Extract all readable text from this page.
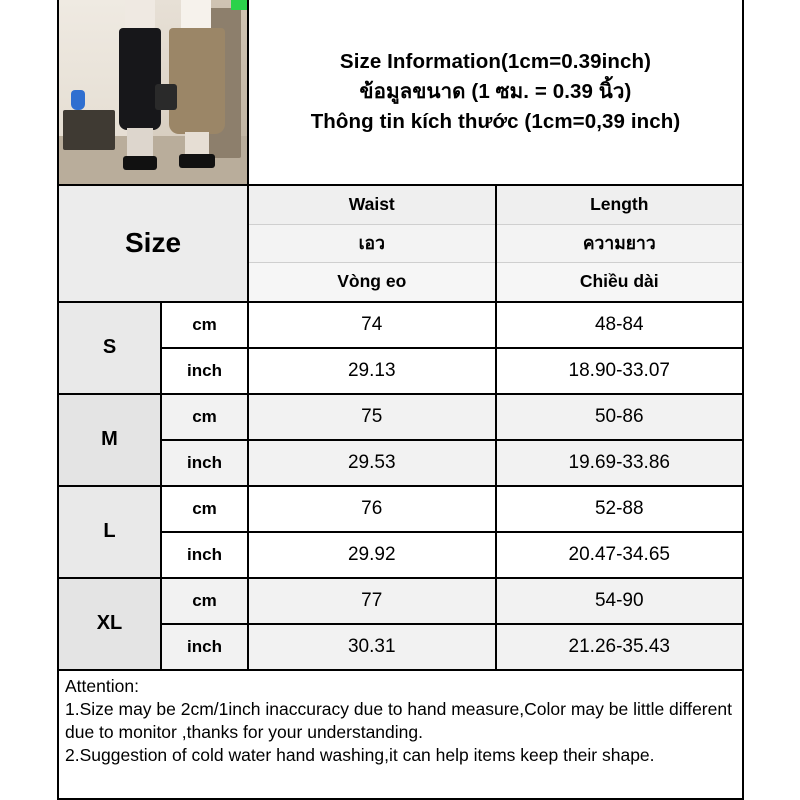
Size Information(1cm=0.39inch)
ข้อมูลขนาด (1 ซม. = 0.39 นิ้ว)
Thông tin kích thước (1cm=0,39 inch)
Size
Waist
เอว
Vòng eo
Length
ความยาว
Chiều dài
S
cm	74	48-84
inch	29.13	18.90-33.07
M
cm	75	50-86
inch	29.53	19.69-33.86
L
cm	76	52-88
inch	29.92	20.47-34.65
XL
cm	77	54-90
inch	30.31	21.26-35.43

Attention:

1.Size may be 2cm/1inch inaccuracy due to hand measure,Color may be little different due to monitor ,thanks for your understanding.

2.Suggestion of cold water hand washing,it can help items keep their shape.
